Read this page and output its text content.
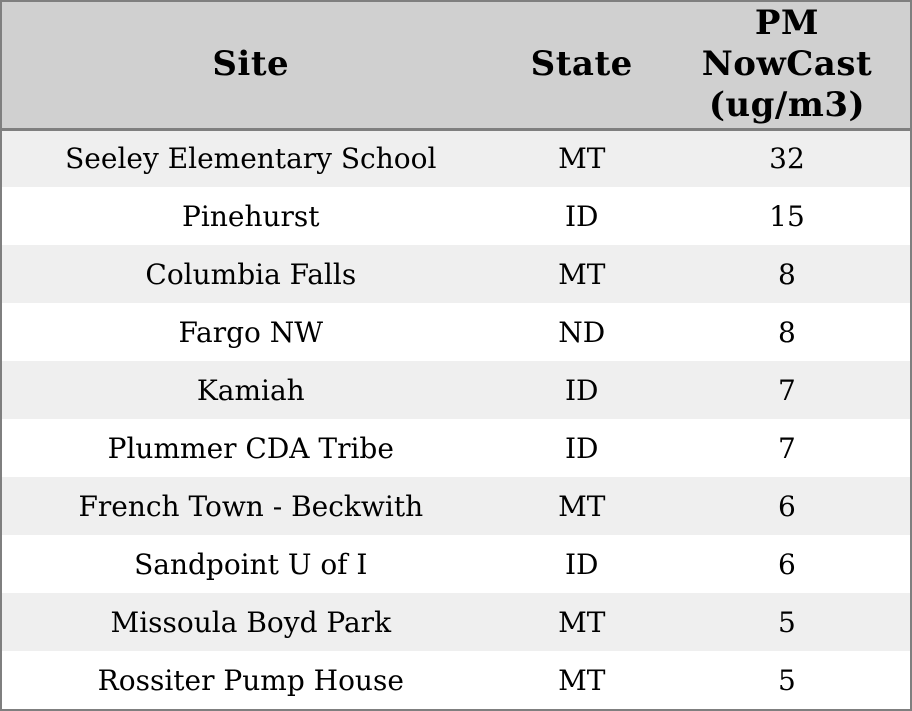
Site	State	PM NowCast (ug/m3)
Seeley Elementary School	MT	32
Pinehurst	ID	15
Columbia Falls	MT	8
Fargo NW	ND	8
Kamiah	ID	7
Plummer CDA Tribe	ID	7
French Town - Beckwith	MT	6
Sandpoint U of I	ID	6
Missoula Boyd Park	MT	5
Rossiter Pump House	MT	5
